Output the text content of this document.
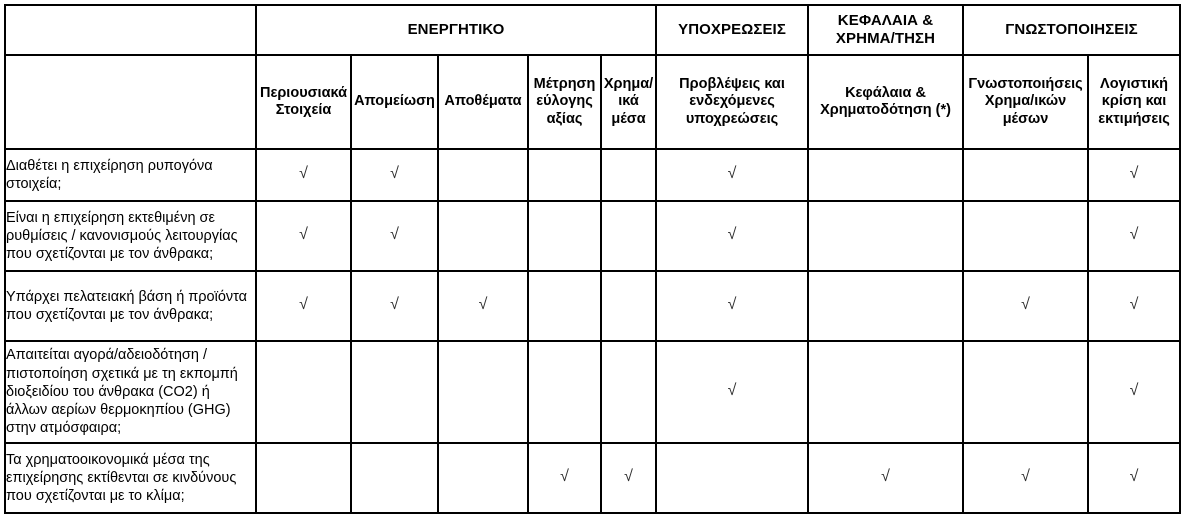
	ΕΝΕΡΓΗΤΙΚΟ					ΥΠΟΧΡΕΩΣΕΙΣ	ΚΕΦΑΛΑΙΑ & ΧΡΗΜΑ/ΤΗΣΗ	ΓΝΩΣΤΟΠΟΙΗΣΕΙΣ	
	Περιουσιακά Στοιχεία	Απομείωση	Αποθέματα	Μέτρηση εύλογης αξίας	Χρημα/ικά μέσα	Προβλέψεις και ενδεχόμενες υποχρεώσεις	Κεφάλαια & Χρηματοδότηση (*)	Γνωστοποιήσεις Χρημα/ικών μέσων	Λογιστική κρίση και εκτιμήσεις
Διαθέτει η επιχείρηση ρυπογόνα στοιχεία;	√	√				√			√
Είναι η επιχείρηση εκτεθιμένη σε ρυθμίσεις / κανονισμούς λειτουργίας που σχετίζονται με τον άνθρακα;	√	√				√			√
Υπάρχει πελατειακή βάση ή προϊόντα που σχετίζονται με τον άνθρακα;	√	√	√			√		√	√
Απαιτείται αγορά/αδειοδότηση / πιστοποίηση σχετικά με τη εκπομπή διοξειδίου του άνθρακα (CO2) ή άλλων αερίων θερμοκηπίου (GHG) στην ατμόσφαιρα;						√			√
Τα χρηματοοικονομικά μέσα της επιχείρησης εκτίθενται σε κινδύνους που σχετίζονται με το κλίμα;				√	√		√	√	√
